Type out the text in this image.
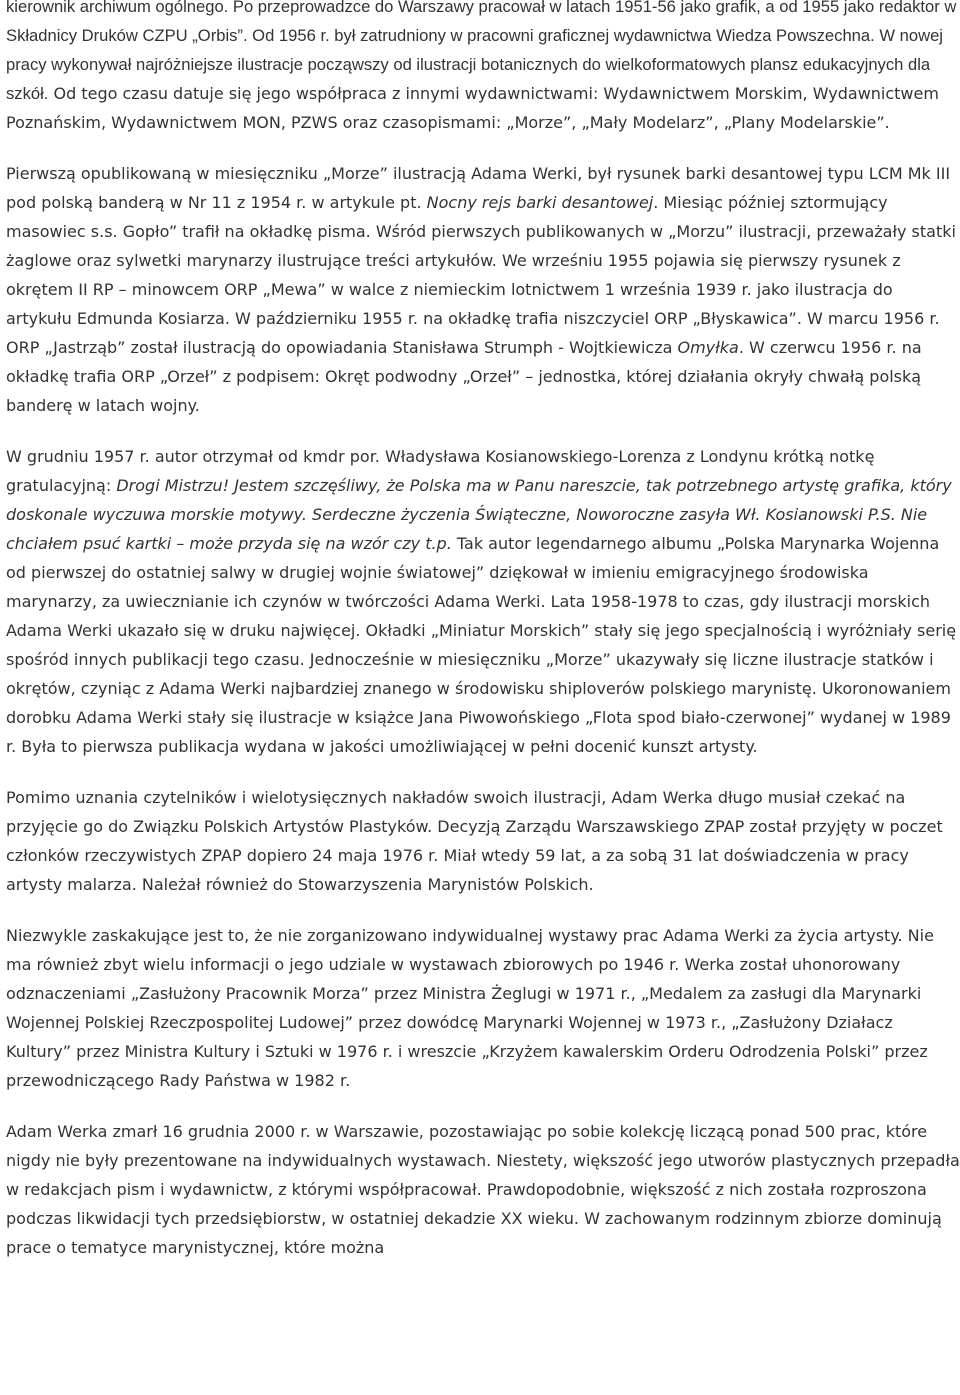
kierownik archiwum ogólnego. Po przeprowadzce do Warszawy pracował w latach 1951-56 jako grafik, a od 1955 jako redaktor w Składnicy Druków CZPU „Orbis”. Od 1956 r. był zatrudniony w pracowni graficznej wydawnictwa Wiedza Powszechna. W nowej pracy wykonywał najróżniejsze ilustracje począwszy od ilustracji botanicznych do wielkoformatowych plansz edukacyjnych dla szkół. Od tego czasu datuje się jego współpraca z innymi wydawnictwami: Wydawnictwem Morskim, Wydawnictwem Poznańskim, Wydawnictwem MON, PZWS oraz czasopismami: „Morze”, „Mały Modelarz”, „Plany Modelarskie”.

Pierwszą opublikowaną w miesięczniku „Morze” ilustracją Adama Werki, był rysunek barki desantowej typu LCM Mk III pod polską banderą w Nr 11 z 1954 r. w artykule pt. Nocny rejs barki desantowej. Miesiąc później sztormujący masowiec s.s. Gopło” trafił na okładkę pisma. Wśród pierwszych publikowanych w „Morzu” ilustracji, przeważały statki żaglowe oraz sylwetki marynarzy ilustrujące treści artykułów. We wrześniu 1955 pojawia się pierwszy rysunek z okrętem II RP – minowcem ORP „Mewa” w walce z niemieckim lotnictwem 1 września 1939 r. jako ilustracja do artykułu Edmunda Kosiarza. W październiku 1955 r. na okładkę trafia niszczyciel ORP „Błyskawica”. W marcu 1956 r. ORP „Jastrząb” został ilustracją do opowiadania Stanisława Strumph - Wojtkiewicza Omyłka. W czerwcu 1956 r. na okładkę trafia ORP „Orzeł” z podpisem: Okręt podwodny „Orzeł” – jednostka, której działania okryły chwałą polską banderę w latach wojny.

W grudniu 1957 r. autor otrzymał od kmdr por. Władysława Kosianowskiego-Lorenza z Londynu krótką notkę gratulacyjną: Drogi Mistrzu! Jestem szczęśliwy, że Polska ma w Panu nareszcie, tak potrzebnego artystę grafika, który doskonale wyczuwa morskie motywy. Serdeczne życzenia Świąteczne, Noworoczne zasyła Wł. Kosianowski P.S. Nie chciałem psuć kartki – może przyda się na wzór czy t.p. Tak autor legendarnego albumu „Polska Marynarka Wojenna od pierwszej do ostatniej salwy w drugiej wojnie światowej” dziękował w imieniu emigracyjnego środowiska marynarzy, za uwiecznianie ich czynów w twórczości Adama Werki. Lata 1958-1978 to czas, gdy ilustracji morskich Adama Werki ukazało się w druku najwięcej. Okładki „Miniatur Morskich” stały się jego specjalnością i wyróżniały serię spośród innych publikacji tego czasu. Jednocześnie w miesięczniku „Morze” ukazywały się liczne ilustracje statków i okrętów, czyniąc z Adama Werki najbardziej znanego w środowisku shiploverów polskiego marynistę. Ukoronowaniem dorobku Adama Werki stały się ilustracje w książce Jana Piwowońskiego „Flota spod biało-czerwonej” wydanej w 1989 r. Była to pierwsza publikacja wydana w jakości umożliwiającej w pełni docenić kunszt artysty.

Pomimo uznania czytelników i wielotysięcznych nakładów swoich ilustracji, Adam Werka długo musiał czekać na przyjęcie go do Związku Polskich Artystów Plastyków. Decyzją Zarządu Warszawskiego ZPAP został przyjęty w poczet członków rzeczywistych ZPAP dopiero 24 maja 1976 r. Miał wtedy 59 lat, a za sobą 31 lat doświadczenia w pracy artysty malarza. Należał również do Stowarzyszenia Marynistów Polskich.

Niezwykle zaskakujące jest to, że nie zorganizowano indywidualnej wystawy prac Adama Werki za życia artysty. Nie ma również zbyt wielu informacji o jego udziale w wystawach zbiorowych po 1946 r. Werka został uhonorowany odznaczeniami „Zasłużony Pracownik Morza” przez Ministra Żeglugi w 1971 r., „Medalem za zasługi dla Marynarki Wojennej Polskiej Rzeczpospolitej Ludowej” przez dowódcę Marynarki Wojennej w 1973 r., „Zasłużony Działacz Kultury” przez Ministra Kultury i Sztuki w 1976 r. i wreszcie „Krzyżem kawalerskim Orderu Odrodzenia Polski” przez przewodniczącego Rady Państwa w 1982 r.

Adam Werka zmarł 16 grudnia 2000 r. w Warszawie, pozostawiając po sobie kolekcję liczącą ponad 500 prac, które nigdy nie były prezentowane na indywidualnych wystawach. Niestety, większość jego utworów plastycznych przepadła w redakcjach pism i wydawnictw, z którymi współpracował. Prawdopodobnie, większość z nich została rozproszona podczas likwidacji tych przedsiębiorstw, w ostatniej dekadzie XX wieku. W zachowanym rodzinnym zbiorze dominują prace o tematyce marynistycznej, które można
